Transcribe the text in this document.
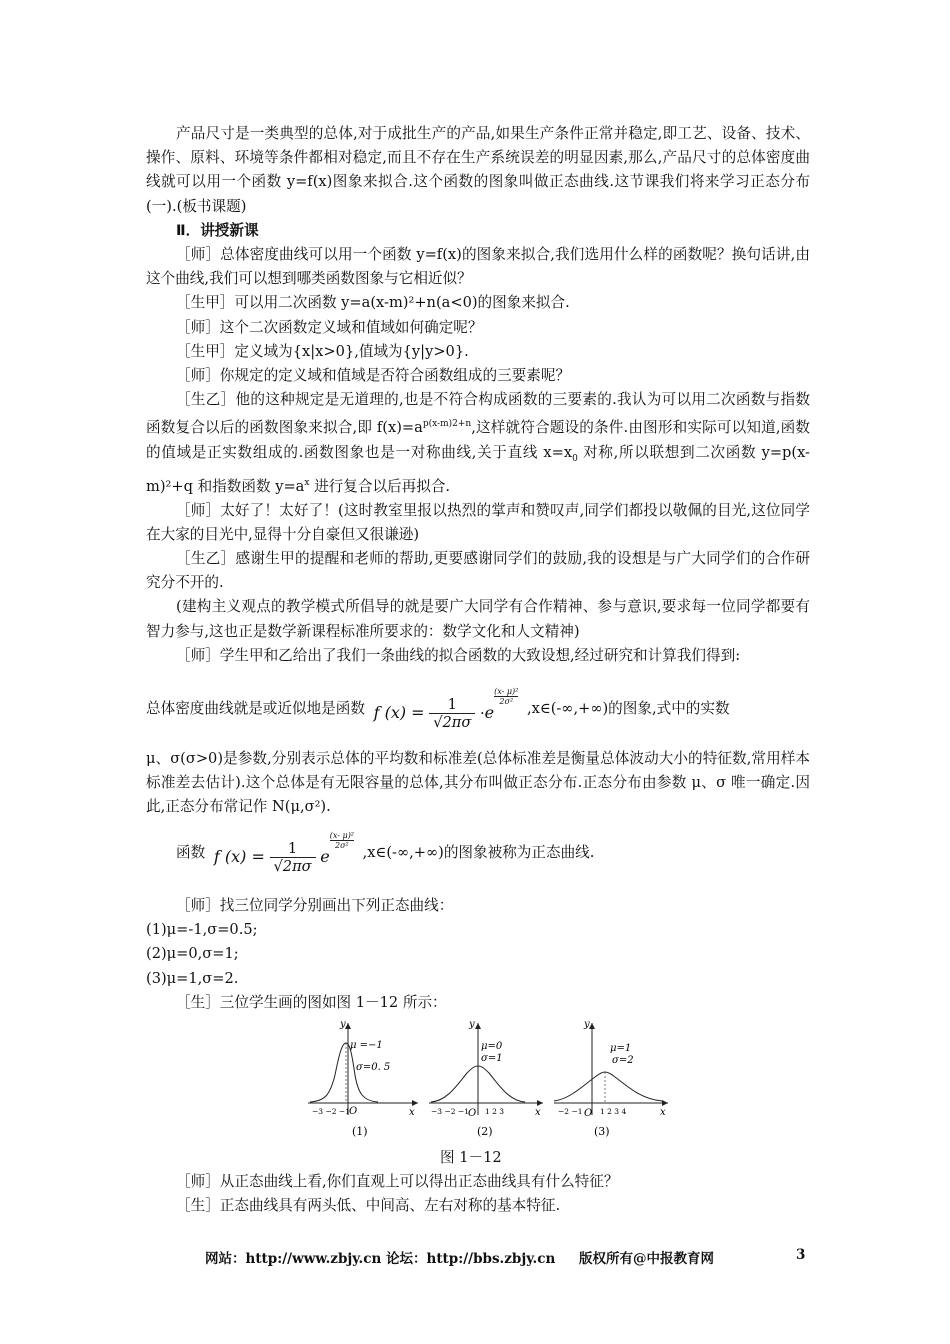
产品尺寸是一类典型的总体,对于成批生产的产品,如果生产条件正常并稳定,即工艺、设备、技术、操作、原料、环境等条件都相对稳定,而且不存在生产系统误差的明显因素,那么,产品尺寸的总体密度曲线就可以用一个函数 y=f(x)图象来拟合.这个函数的图象叫做正态曲线.这节课我们将来学习正态分布(一).(板书课题)

Ⅱ．讲授新课

［师］总体密度曲线可以用一个函数 y=f(x)的图象来拟合,我们选用什么样的函数呢？换句话讲,由这个曲线,我们可以想到哪类函数图象与它相近似？

［生甲］可以用二次函数 y=a(x-m)²+n(a<0)的图象来拟合.

［师］这个二次函数定义域和值域如何确定呢？

［生甲］定义域为{x|x>0},值域为{y|y>0}.

［师］你规定的定义域和值域是否符合函数组成的三要素呢？

［生乙］他的这种规定是无道理的,也是不符合构成函数的三要素的.我认为可以用二次函数与指数函数复合以后的函数图象来拟合,即 $f(x)=a^{p(x-m)2+n}$,这样就符合题设的条件.由图形和实际可以知道,函数的值域是正实数组成的.函数图象也是一对称曲线,关于直线 $x=x_0$ 对称,所以联想到二次函数 y=p(x-m)²+q 和指数函数 $y=a^x$ 进行复合以后再拟合.

［师］太好了！太好了！(这时教室里报以热烈的掌声和赞叹声,同学们都投以敬佩的目光,这位同学在大家的目光中,显得十分自豪但又很谦逊)

［生乙］感谢生甲的提醒和老师的帮助,更要感谢同学们的鼓励,我的设想是与广大同学们的合作研究分不开的.

(建构主义观点的教学模式所倡导的就是要广大同学有合作精神、参与意识,要求每一位同学都要有智力参与,这也正是数学新课程标准所要求的：数学文化和人文精神)

［师］学生甲和乙给出了我们一条曲线的拟合函数的大致设想,经过研究和计算我们得到:

总体密度曲线就是或近似地是函数 f $(x) = \frac{1}{√2\pi\sigma} \cdot e$
$\frac{\text{(x- μ)²}}{\text{2σ²}}$
,x∈(-∞,+∞)的图象,式中的实数

μ、σ(σ>0)是参数,分别表示总体的平均数和标准差(总体标准差是衡量总体波动大小的特征数,常用样本标准差去估计).这个总体是有无限容量的总体,其分布叫做正态分布.正态分布由参数 μ、σ 唯一确定.因此,正态分布常记作 N(μ,σ²).

函数 f $(x) = \frac{1}{√2\pi\sigma}$ e
$\frac{\text{(x- μ)²}}{\text{2σ²}}$
,x∈(-∞,+∞)的图象被称为正态曲线.

［师］找三位同学分别画出下列正态曲线：

(1)μ=-1,σ=0.5;

(2)μ=0,σ=1;

(3)μ=1,σ=2.

［生］三位学生画的图如图 1－12 所示：

y
x
μ =−1
σ=0. 5
−3 −2 −1 O
(1)
y
x
μ=0
σ=1
−3 −2 −1 O 1 2 3
(2)
y
x
μ=1
σ=2
−2 −1 O 1 2 3 4
(3)
图 1－12

［师］从正态曲线上看,你们直观上可以得出正态曲线具有什么特征？

［生］正态曲线具有两头低、中间高、左右对称的基本特征.

网站：http://www.zbjy.cn 论坛：http://bbs.zbjy.cn 版权所有@中报教育网	3
